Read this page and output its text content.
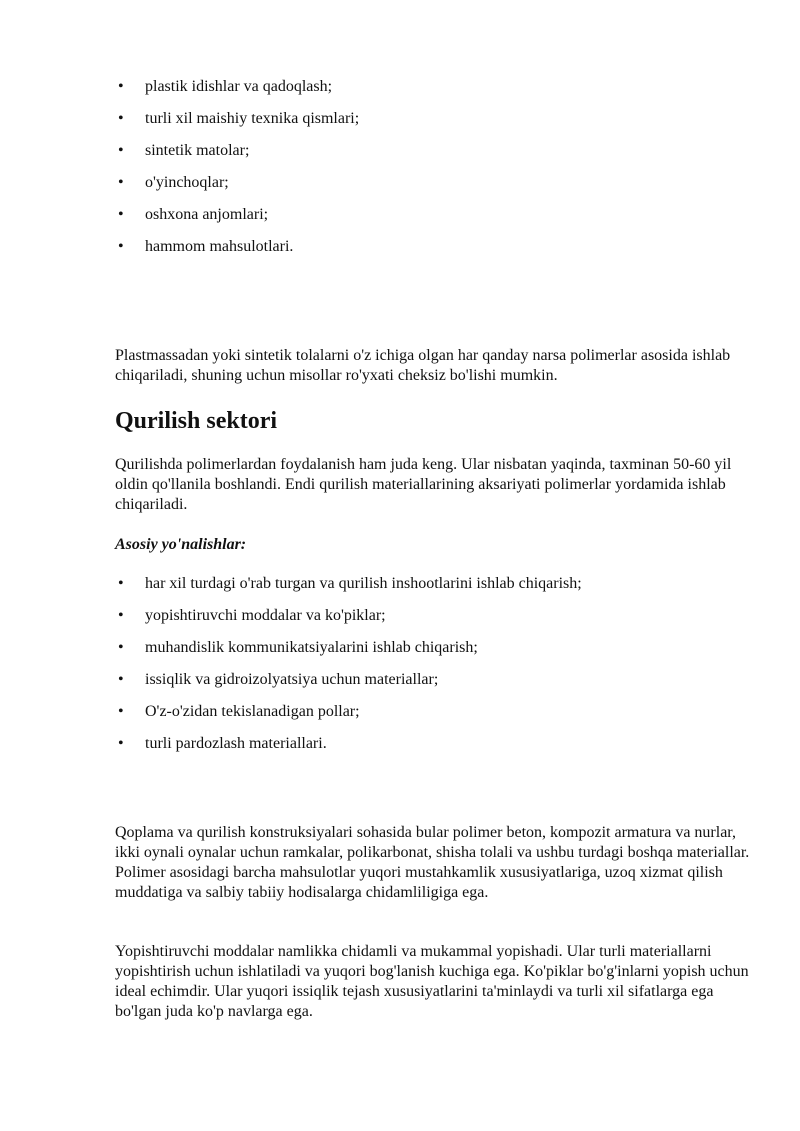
• plastik idishlar va qadoqlash;
• turli xil maishiy texnika qismlari;
• sintetik matolar;
• o'yinchoqlar;
• oshxona anjomlari;
• hammom mahsulotlari.

Plastmassadan yoki sintetik tolalarni o'z ichiga olgan har qanday narsa polimerlar asosida ishlab chiqariladi, shuning uchun misollar ro'yxati cheksiz bo'lishi mumkin.

Qurilish sektori

Qurilishda polimerlardan foydalanish ham juda keng. Ular nisbatan yaqinda, taxminan 50-60 yil oldin qo'llanila boshlandi. Endi qurilish materiallarining aksariyati polimerlar yordamida ishlab chiqariladi.

Asosiy yo'nalishlar:

• har xil turdagi o'rab turgan va qurilish inshootlarini ishlab chiqarish;
• yopishtiruvchi moddalar va ko'piklar;
• muhandislik kommunikatsiyalarini ishlab chiqarish;
• issiqlik va gidroizolyatsiya uchun materiallar;
• O'z-o'zidan tekislanadigan pollar;
• turli pardozlash materiallari.

Qoplama va qurilish konstruksiyalari sohasida bular polimer beton, kompozit armatura va nurlar, ikki oynali oynalar uchun ramkalar, polikarbonat, shisha tolali va ushbu turdagi boshqa materiallar. Polimer asosidagi barcha mahsulotlar yuqori mustahkamlik xususiyatlariga, uzoq xizmat qilish muddatiga va salbiy tabiiy hodisalarga chidamliligiga ega.

Yopishtiruvchi moddalar namlikka chidamli va mukammal yopishadi. Ular turli materiallarni yopishtirish uchun ishlatiladi va yuqori bog'lanish kuchiga ega. Ko'piklar bo'g'inlarni yopish uchun ideal echimdir. Ular yuqori issiqlik tejash xususiyatlarini ta'minlaydi va turli xil sifatlarga ega bo'lgan juda ko'p navlarga ega.
